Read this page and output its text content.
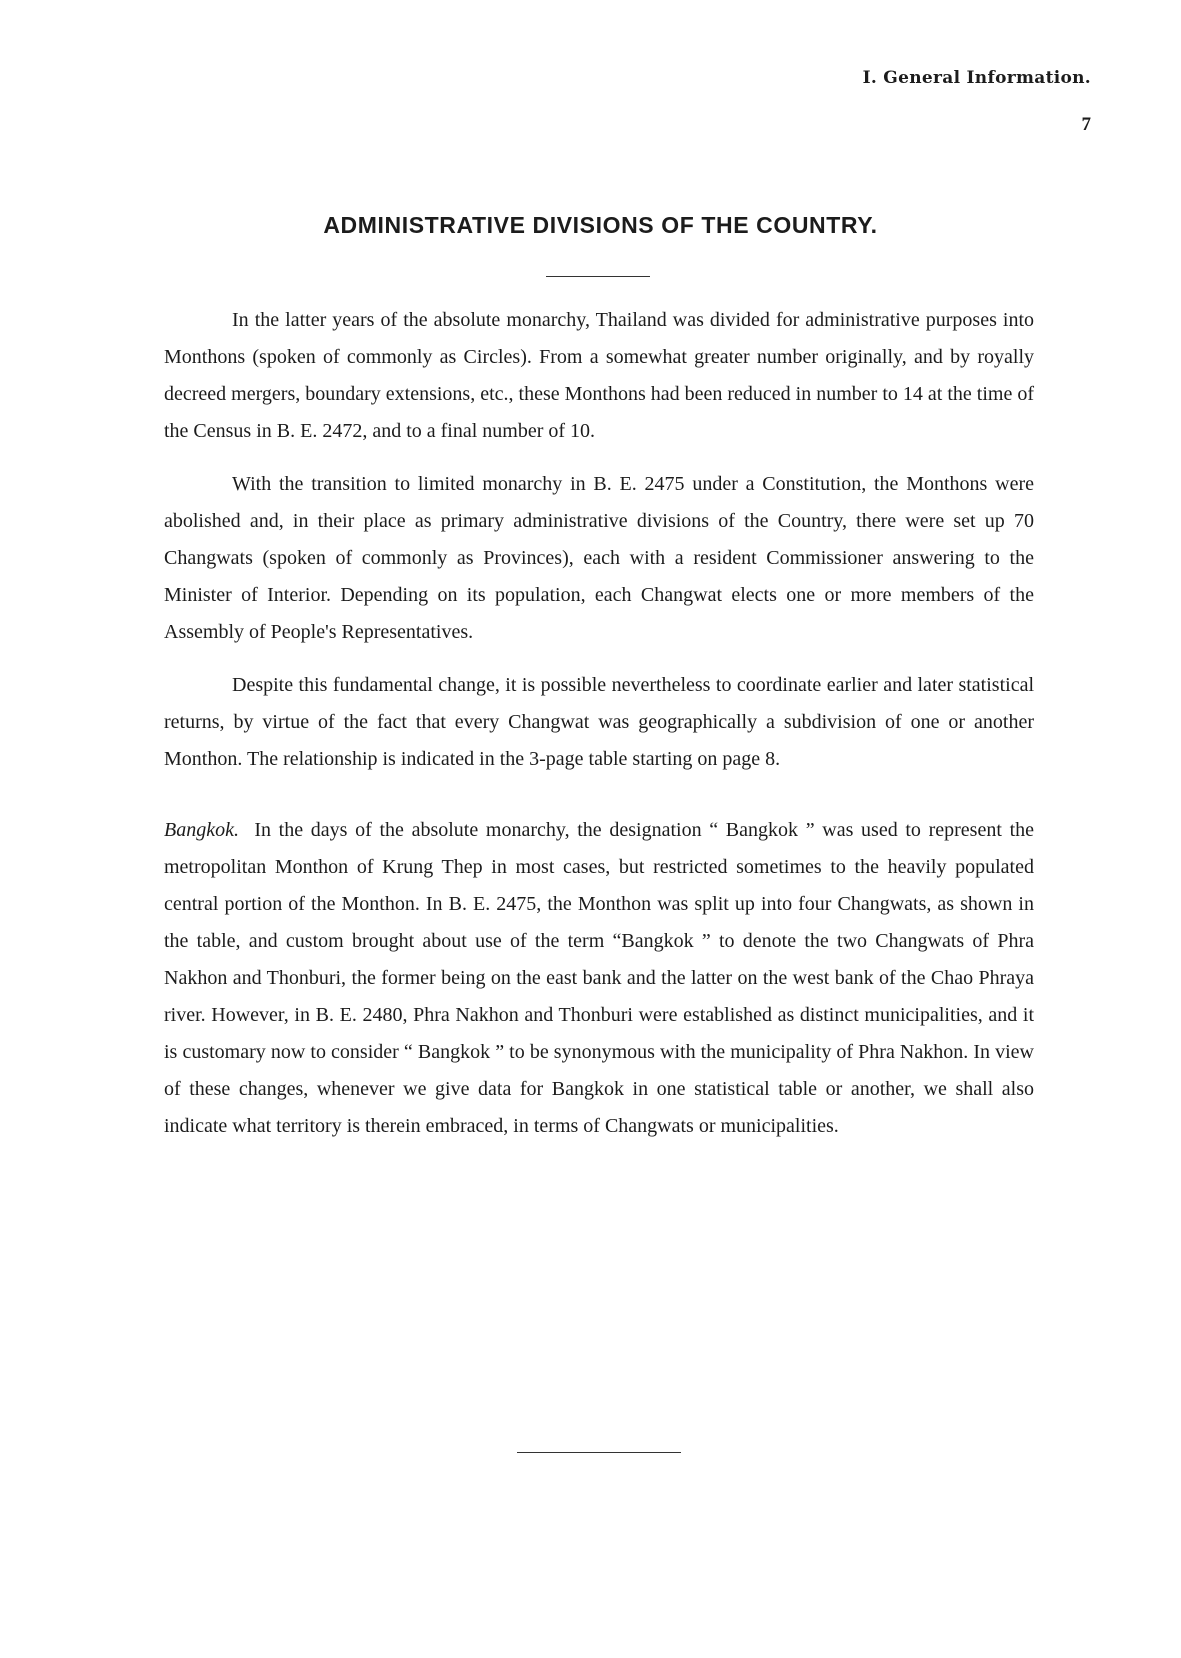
I. General Information.
7
ADMINISTRATIVE DIVISIONS OF THE COUNTRY.

In the latter years of the absolute monarchy, Thailand was divided for administrative purposes into Monthons (spoken of commonly as Circles). From a somewhat greater number originally, and by royally decreed mergers, boundary extensions, etc., these Monthons had been reduced in number to 14 at the time of the Census in B. E. 2472, and to a final number of 10.

With the transition to limited monarchy in B. E. 2475 under a Constitution, the Monthons were abolished and, in their place as primary administrative divisions of the Country, there were set up 70 Changwats (spoken of commonly as Provinces), each with a resident Commissioner answering to the Minister of Interior. Depending on its population, each Changwat elects one or more members of the Assembly of People's Representatives.

Despite this fundamental change, it is possible nevertheless to coordinate earlier and later statistical returns, by virtue of the fact that every Changwat was geographically a subdivision of one or another Monthon. The relationship is indicated in the 3-page table starting on page 8.

Bangkok. In the days of the absolute monarchy, the designation “ Bangkok ” was used to represent the metropolitan Monthon of Krung Thep in most cases, but restricted sometimes to the heavily populated central portion of the Monthon. In B. E. 2475, the Monthon was split up into four Changwats, as shown in the table, and custom brought about use of the term “Bangkok ” to denote the two Changwats of Phra Nakhon and Thonburi, the former being on the east bank and the latter on the west bank of the Chao Phraya river. However, in B. E. 2480, Phra Nakhon and Thonburi were established as distinct municipalities, and it is customary now to consider “ Bangkok ” to be synonymous with the municipality of Phra Nakhon. In view of these changes, whenever we give data for Bangkok in one statistical table or another, we shall also indicate what territory is therein embraced, in terms of Changwats or municipalities.
